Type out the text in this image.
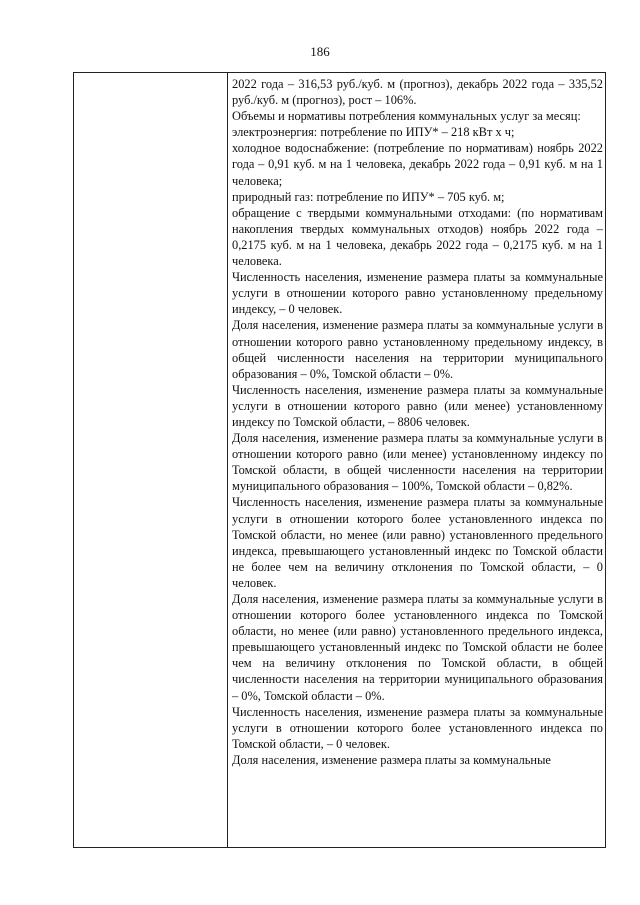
186

2022 года – 316,53 руб./куб. м (прогноз), декабрь 2022 года – 335,52 руб./куб. м (прогноз), рост – 106%.

Объемы и нормативы потребления коммунальных услуг за месяц:

электроэнергия: потребление по ИПУ* – 218 кВт х ч;

холодное водоснабжение: (потребление по нормативам) ноябрь 2022 года – 0,91 куб. м на 1 человека, декабрь 2022 года – 0,91 куб. м на 1 человека;

природный газ: потребление по ИПУ* – 705 куб. м;

обращение с твердыми коммунальными отходами: (по нормативам накопления твердых коммунальных отходов) ноябрь 2022 года – 0,2175 куб. м на 1 человека, декабрь 2022 года – 0,2175 куб. м на 1 человека.

Численность населения, изменение размера платы за коммунальные услуги в отношении которого равно установленному предельному индексу, – 0 человек.

Доля населения, изменение размера платы за коммунальные услуги в отношении которого равно установленному предельному индексу, в общей численности населения на территории муниципального образования – 0%, Томской области – 0%.

Численность населения, изменение размера платы за коммунальные услуги в отношении которого равно (или менее) установленному индексу по Томской области, – 8806 человек.

Доля населения, изменение размера платы за коммунальные услуги в отношении которого равно (или менее) установленному индексу по Томской области, в общей численности населения на территории муниципального образования – 100%, Томской области – 0,82%.

Численность населения, изменение размера платы за коммунальные услуги в отношении которого более установленного индекса по Томской области, но менее (или равно) установленного предельного индекса, превышающего установленный индекс по Томской области не более чем на величину отклонения по Томской области, – 0 человек.

Доля населения, изменение размера платы за коммунальные услуги в отношении которого более установленного индекса по Томской области, но менее (или равно) установленного предельного индекса, превышающего установленный индекс по Томской области не более чем на величину отклонения по Томской области, в общей численности населения на территории муниципального образования – 0%, Томской области – 0%.

Численность населения, изменение размера платы за коммунальные услуги в отношении которого более установленного индекса по Томской области, – 0 человек.

Доля населения, изменение размера платы за коммунальные
